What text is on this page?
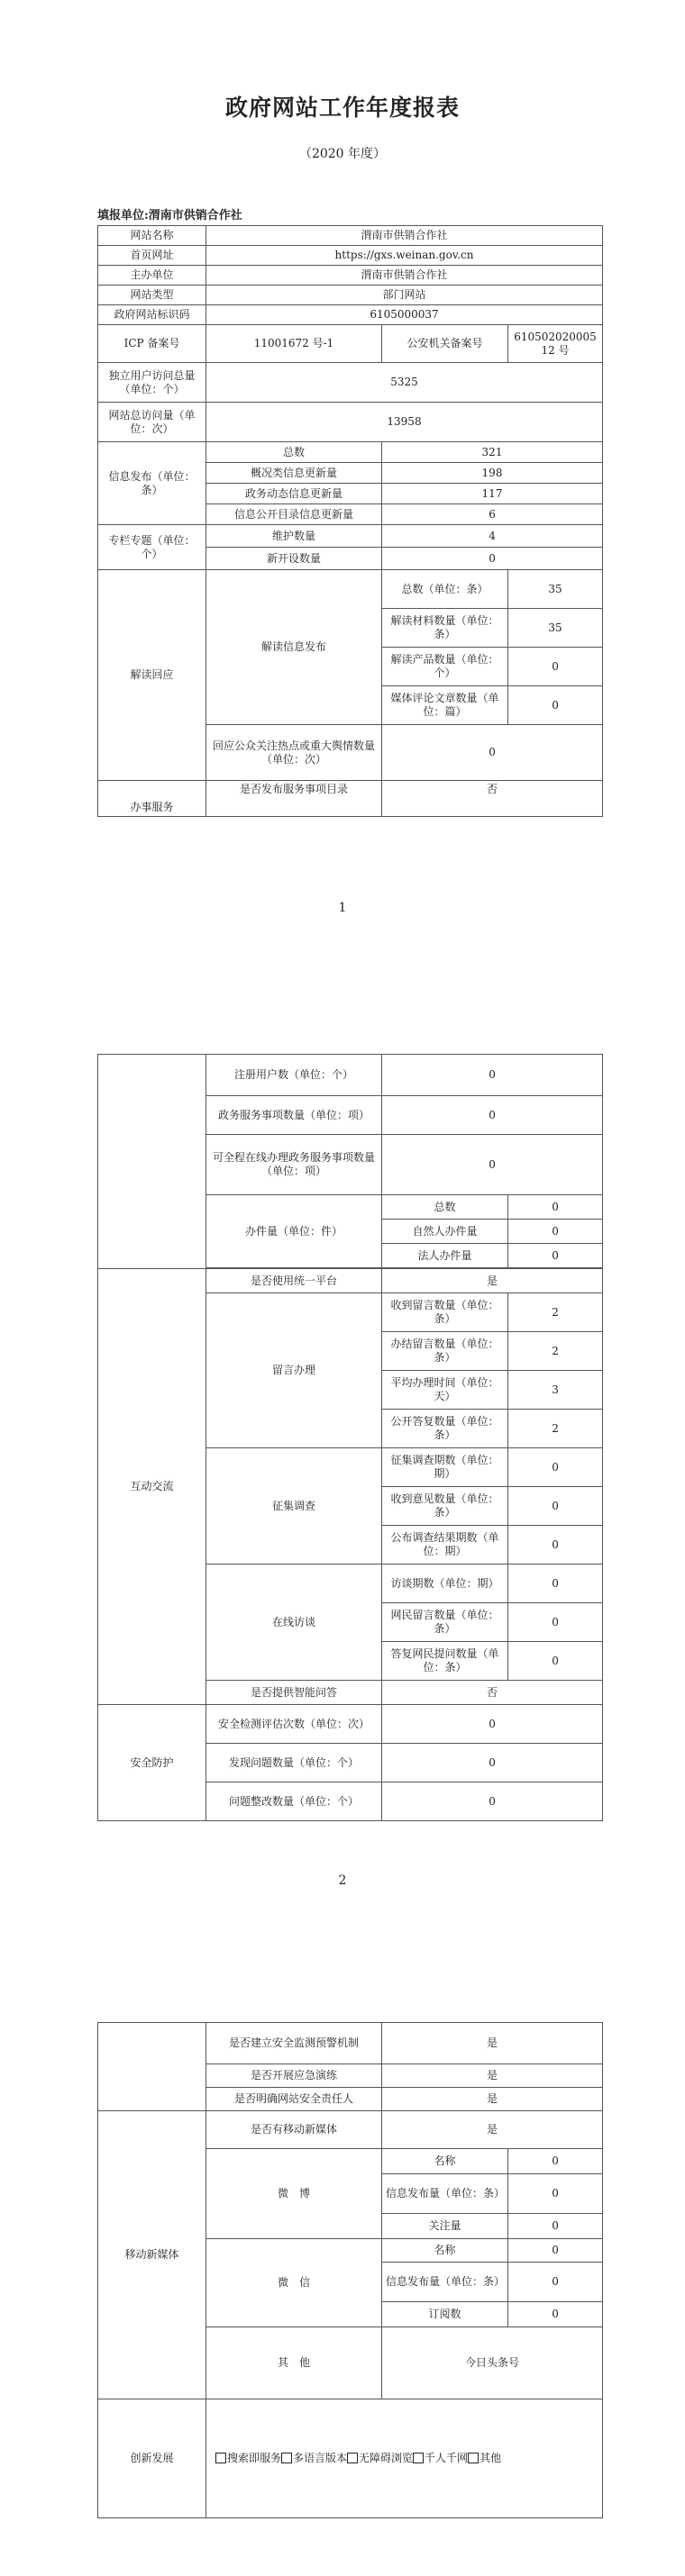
政府网站工作年度报表
（2020 年度）
填报单位:渭南市供销合作社
网站名称	渭南市供销合作社		
首页网址	https://gxs.weinan.gov.cn		
主办单位	渭南市供销合作社		
网站类型	部门网站		
政府网站标识码	6105000037		
ICP 备案号	11001672 号-1	公安机关备案号	61050202000512 号
独立用户访问总量（单位：个）	5325		
网站总访问量（单位：次）	13958		
信息发布（单位：条）	总数	321	
	概况类信息更新量	198	
	政务动态信息更新量	117	
	信息公开目录信息更新量	6	
专栏专题（单位：个）	维护数量	4	
	新开设数量	0	
解读回应	解读信息发布	总数（单位：条）	35
		解读材料数量（单位：条）	35
		解读产品数量（单位：个）	0
		媒体评论文章数量（单位：篇）	0
	回应公众关注热点或重大舆情数量（单位：次）	0	
办事服务	是否发布服务事项目录	否	
1
	注册用户数（单位：个）	0	
	政务服务事项数量（单位：项）	0	
	可全程在线办理政务服务事项数量（单位：项）	0	
	办件量（单位：件）	总数	0
		自然人办件量	0
		法人办件量	0

互动交流	是否使用统一平台	是	
	留言办理	收到留言数量（单位：条）	2
		办结留言数量（单位：条）	2
		平均办理时间（单位：天）	3
		公开答复数量（单位：条）	2
	征集调查	征集调查期数（单位：期）	0
		收到意见数量（单位：条）	0
		公布调查结果期数（单位：期）	0
	在线访谈	访谈期数（单位：期）	0
		网民留言数量（单位：条）	0
		答复网民提问数量（单位：条）	0
	是否提供智能问答	否	
安全防护	安全检测评估次数（单位：次）	0	
	发现问题数量（单位：个）	0	
	问题整改数量（单位：个）	0	
2
	是否建立安全监测预警机制	是	
	是否开展应急演练	是	
	是否明确网站安全责任人	是	
移动新媒体	是否有移动新媒体	是	
	微　博	名称	0
		信息发布量（单位：条）	0
		关注量	0
	微　信	名称	0
		信息发布量（单位：条）	0
		订阅数	0
	其　他	今日头条号	
创新发展	搜索即服务 多语言版本 无障碍浏览 千人千网 其他		
